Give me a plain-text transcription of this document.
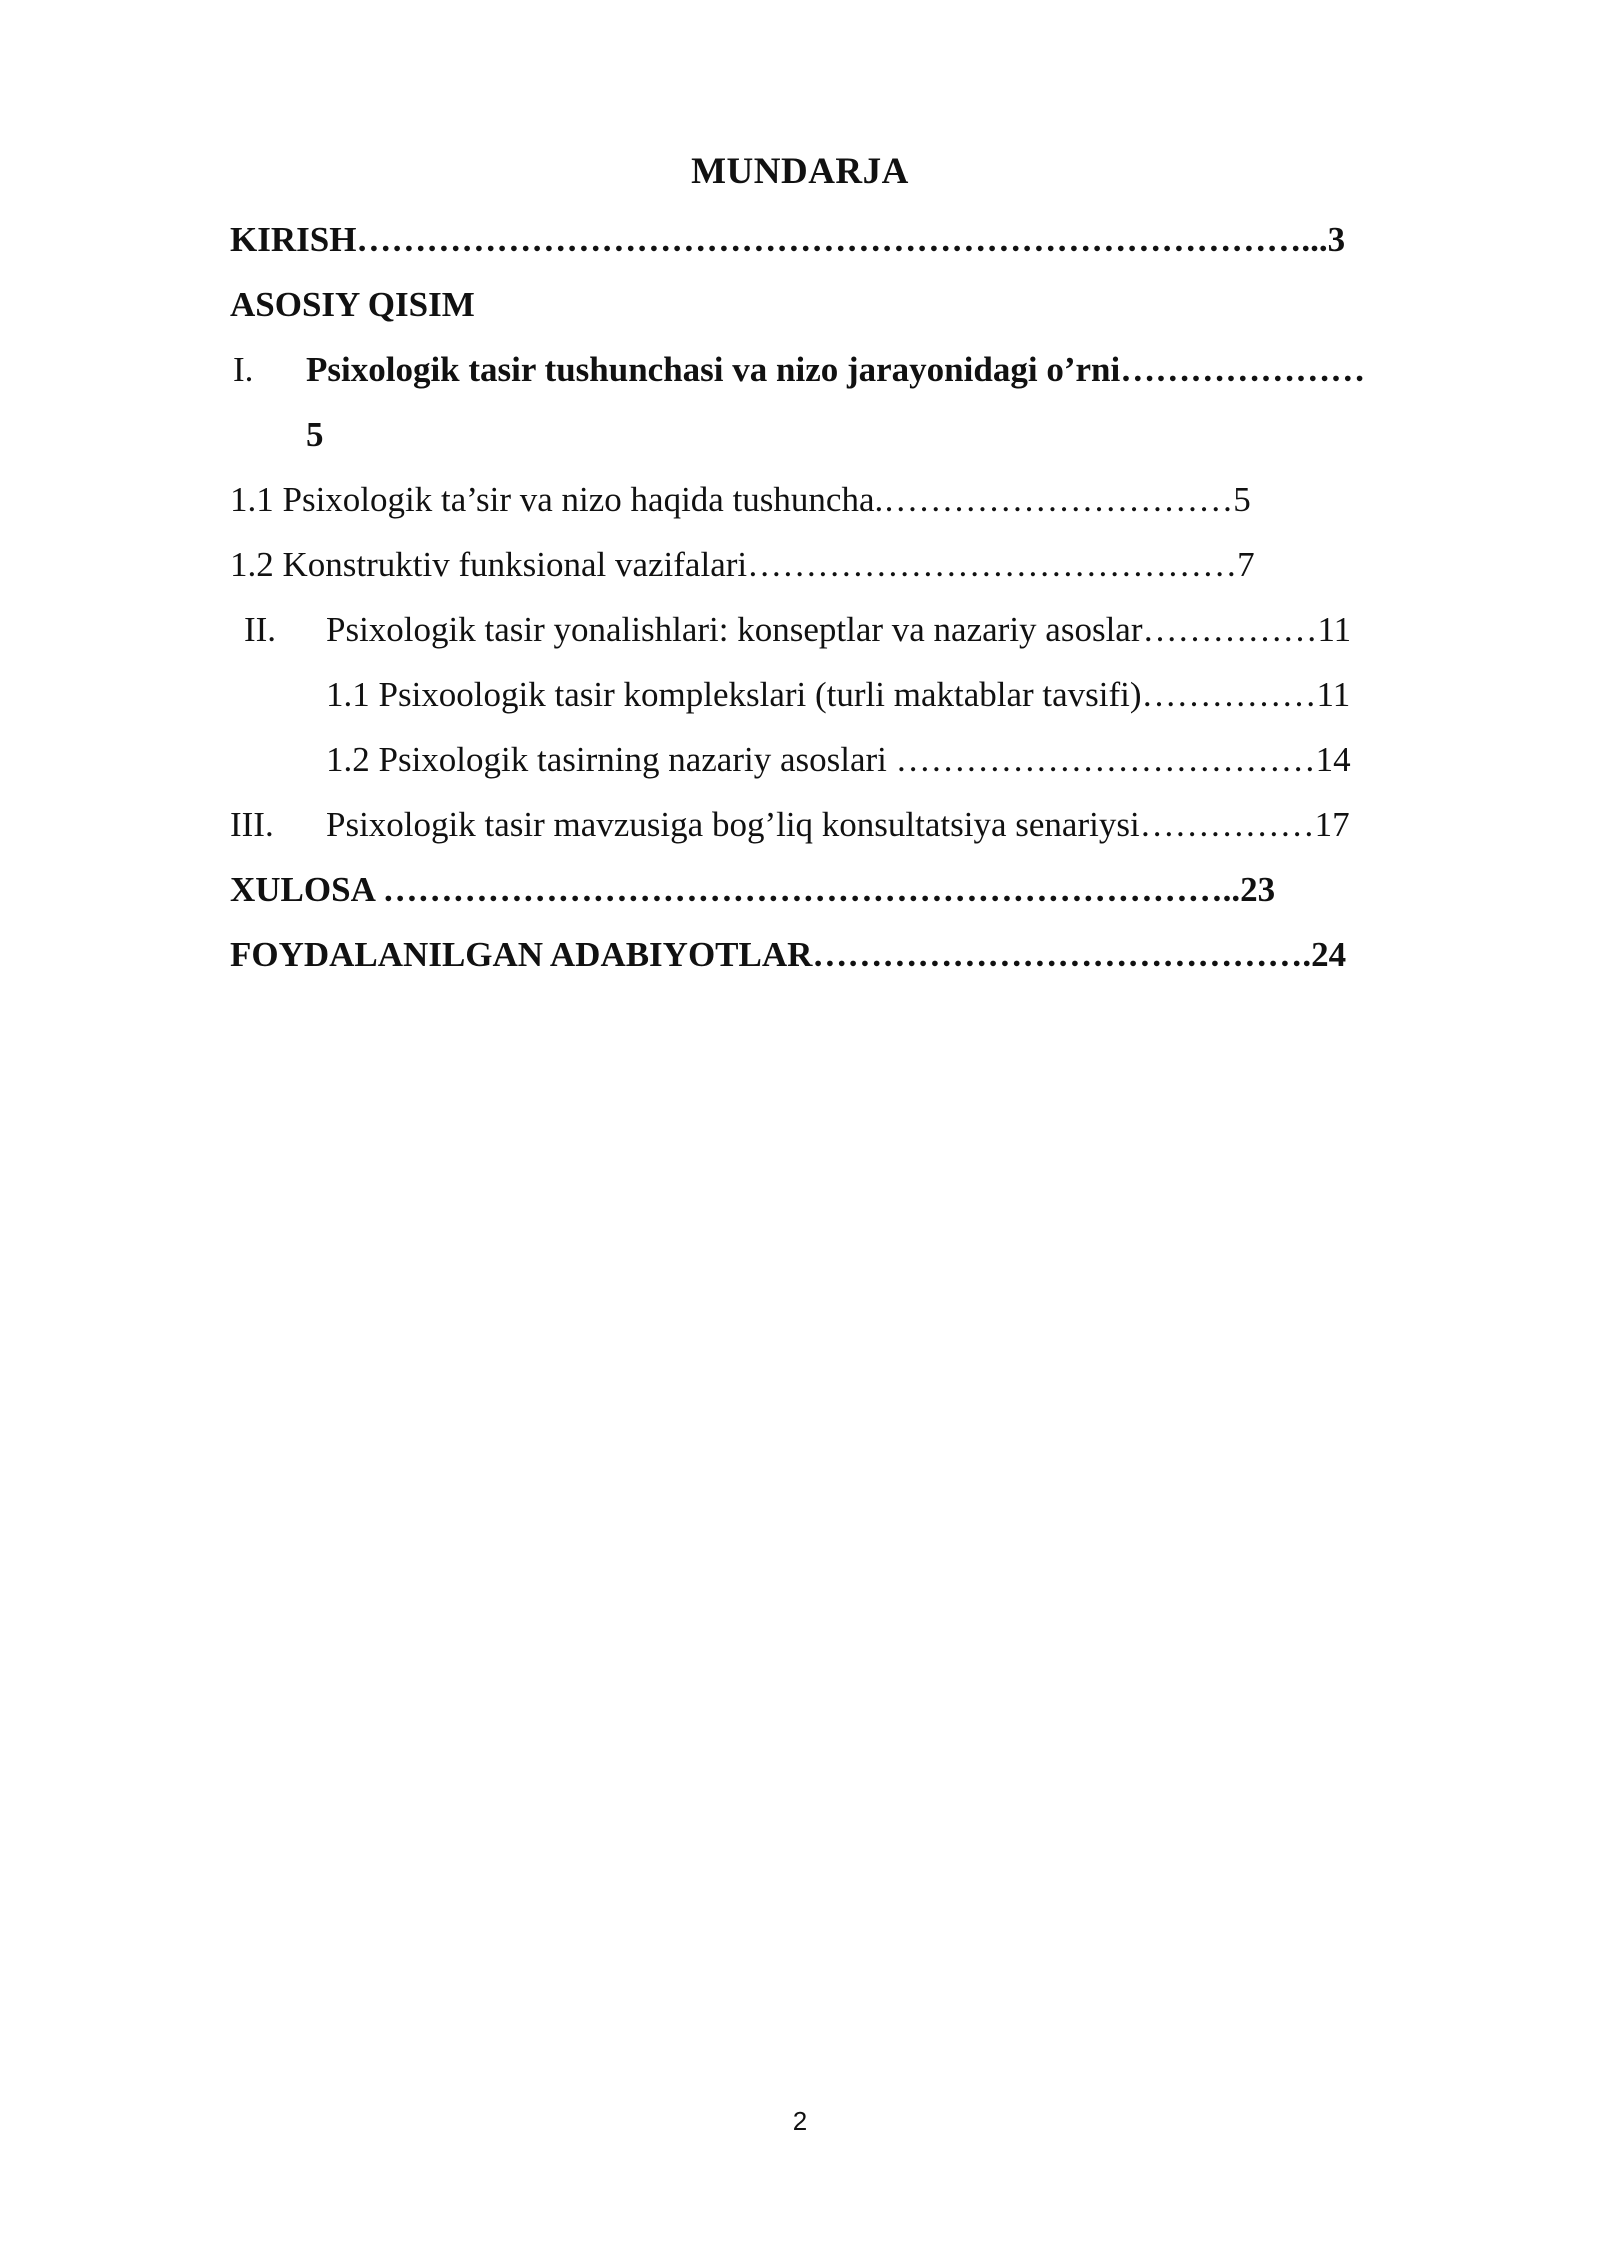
MUNDARJA
KIRISH………………………………………………………………………...3
ASOSIY QISIM
I. Psixologik tasir tushunchasi va nizo jarayonidagi o’rni…………………
5
1.1 Psixologik ta’sir va nizo haqida tushuncha.…………………………5
1.2 Konstruktiv funksional vazifalari……………………………………7
II. Psixologik tasir yonalishlari: konseptlar va nazariy asoslar……………11
1.1 Psixoologik tasir komplekslari (turli maktablar tavsifi)……………11
1.2 Psixologik tasirning nazariy asoslari ………………………………14
III. Psixologik tasir mavzusiga bog’liq konsultatsiya senariysi……………17
XULOSA ………………………………………………………………..23
FOYDALANILGAN ADABIYOTLAR…………………………………….24
2
